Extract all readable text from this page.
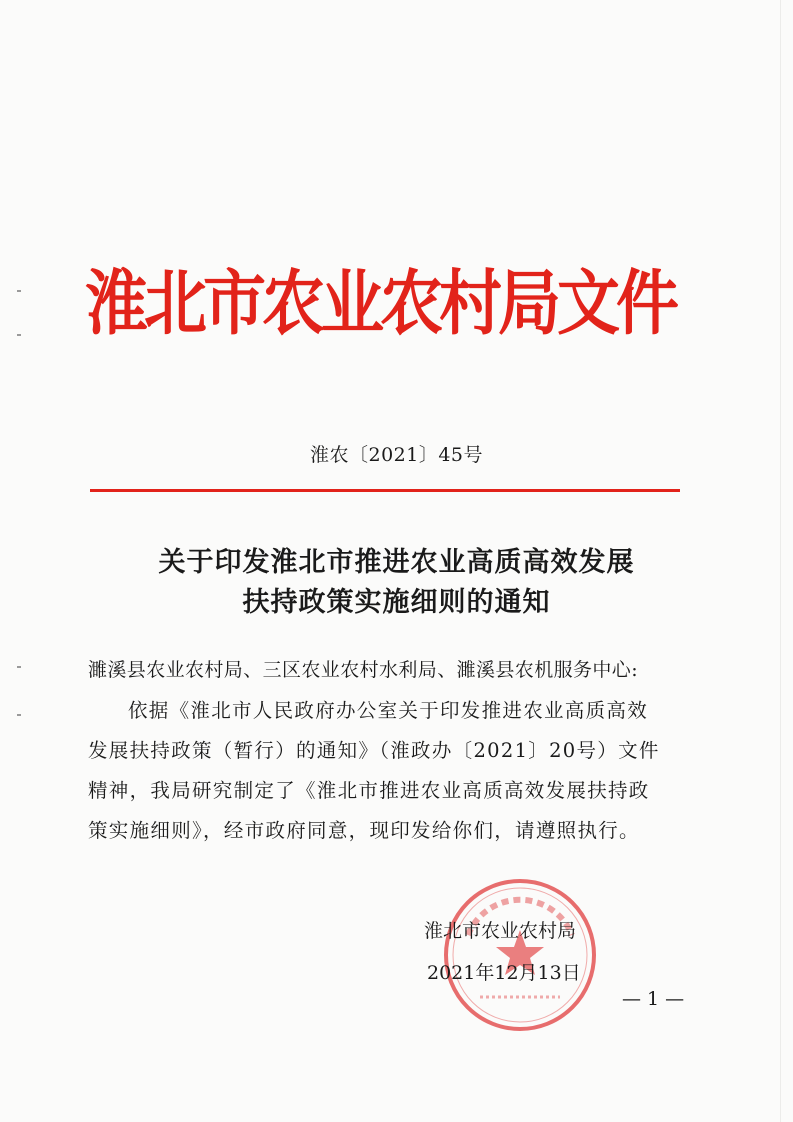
淮北市农业农村局文件
淮农〔2021〕45号
关于印发淮北市推进农业高质高效发展
扶持政策实施细则的通知
濉溪县农业农村局、三区农业农村水利局、濉溪县农机服务中心:
依据《淮北市人民政府办公室关于印发推进农业高质高效
发展扶持政策（暂行）的通知》（淮政办〔2021〕20号）文件
精神，我局研究制定了《淮北市推进农业高质高效发展扶持政
策实施细则》，经市政府同意，现印发给你们，请遵照执行。
淮北市农业农村局
2021年12月13日
— 1 —
